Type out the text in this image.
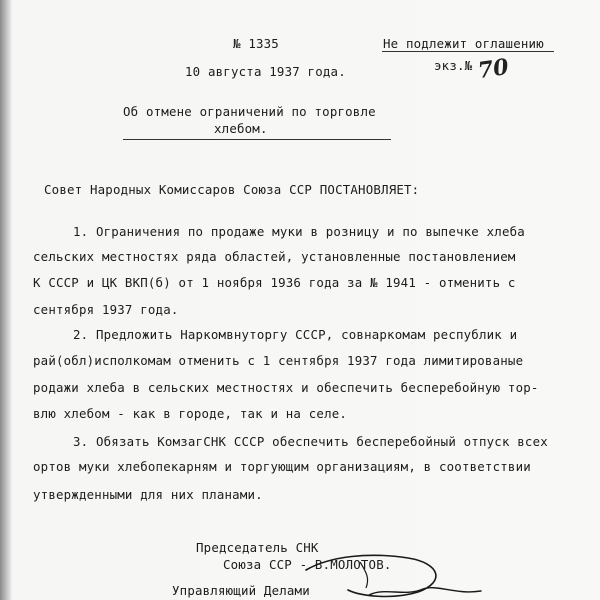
№ 1335
10 августа 1937 года.
Не подлежит оглашению
экз.№ 70
Об отмене ограничений по торговле
хлебом.
Совет Народных Комиссаров Союза ССР ПОСТАНОВЛЯЕТ:
1. Ограничения по продаже муки в розницу и по выпечке хлеба
сельских местностях ряда областей, установленные постановлением
К СССР и ЦК ВКП(б) от 1 ноября 1936 года за № 1941 - отменить с
сентября 1937 года.
2. Предложить Наркомвнуторгу СССР, совнаркомам республик и
рай(обл)исполкомам отменить с 1 сентября 1937 года лимитированые
родажи хлеба в сельских местностях и обеспечить бесперебойную тор-
влю хлебом - как в городе, так и на селе.
3. Обязать КомзагСНК СССР обеспечить бесперебойный отпуск всех
ортов муки хлебопекарням и торгующим организациям, в соответствии
утвержденными для них планами.
Председатель СНК
Союза ССР - В.МОЛОТОВ.
Управляющий Делами
